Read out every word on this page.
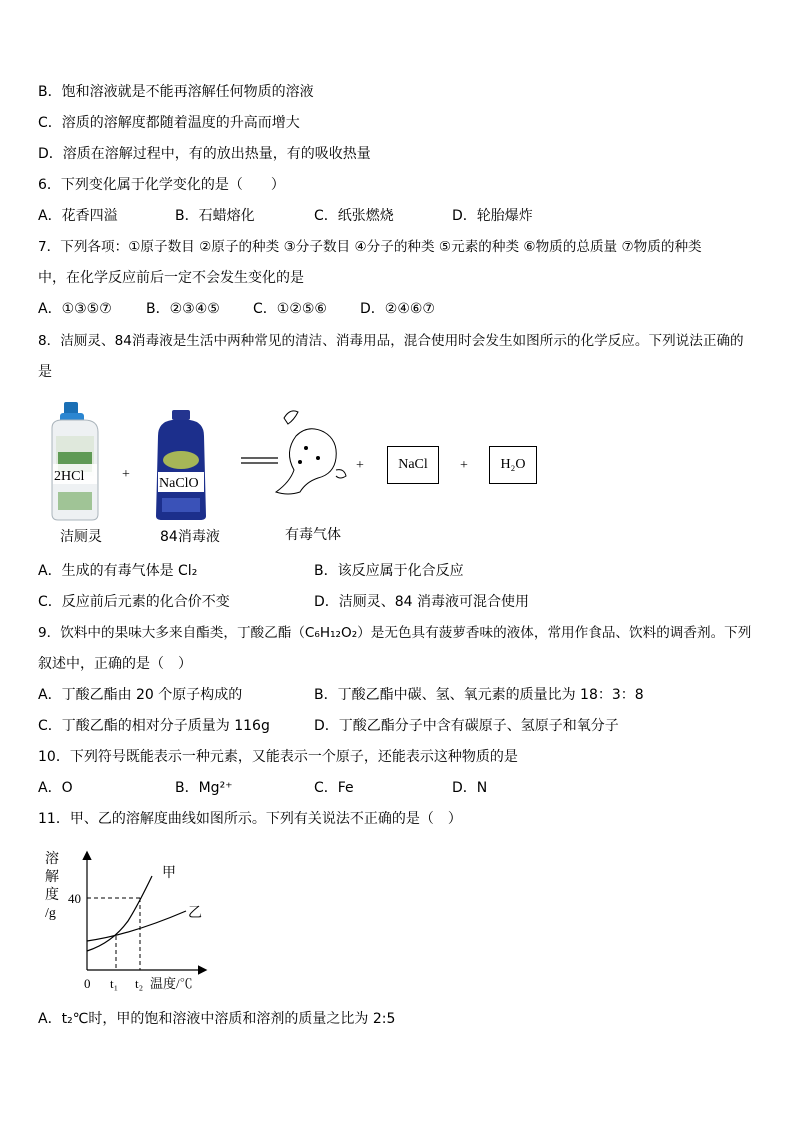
B．饱和溶液就是不能再溶解任何物质的溶液
C．溶质的溶解度都随着温度的升高而增大
D．溶质在溶解过程中，有的放出热量，有的吸收热量
6．下列变化属于化学变化的是（　　）
A．花香四溢	B．石蜡熔化	C．纸张燃烧	D．轮胎爆炸
7．下列各项：①原子数目 ②原子的种类 ③分子数目 ④分子的种类 ⑤元素的种类 ⑥物质的总质量 ⑦物质的种类
中，在化学反应前后一定不会发生变化的是
A．①③⑤⑦ B．②③④⑤ C．①②⑤⑥ D．②④⑥⑦
8．洁厕灵、84消毒液是生活中两种常见的清洁、消毒用品，混合使用时会发生如图所示的化学反应。下列说法正确的
是
2HCl	+
NaClO
+	+
NaCl	H₂O
洁厕灵	84消毒液	有毒气体
A．生成的有毒气体是 Cl₂	B．该反应属于化合反应
C．反应前后元素的化合价不变	D．洁厕灵、84 消毒液可混合使用
9．饮料中的果味大多来自酯类，丁酸乙酯（C₆H₁₂O₂）是无色具有菠萝香味的液体，常用作食品、饮料的调香剂。下列
叙述中，正确的是（　）
A．丁酸乙酯由 20 个原子构成的	B．丁酸乙酯中碳、氢、氧元素的质量比为 18：3：8
C．丁酸乙酯的相对分子质量为 116g	D．丁酸乙酯分子中含有碳原子、氢原子和氧分子
10．下列符号既能表示一种元素，又能表示一个原子，还能表示这种物质的是
A．O	B．Mg²⁺	C．Fe	D．N
11．甲、乙的溶解度曲线如图所示。下列有关说法不正确的是（　）
溶
解
度
/g
40
0 t₁ t₂ 温度/℃
甲
乙
A．t₂℃时，甲的饱和溶液中溶质和溶剂的质量之比为 2:5
